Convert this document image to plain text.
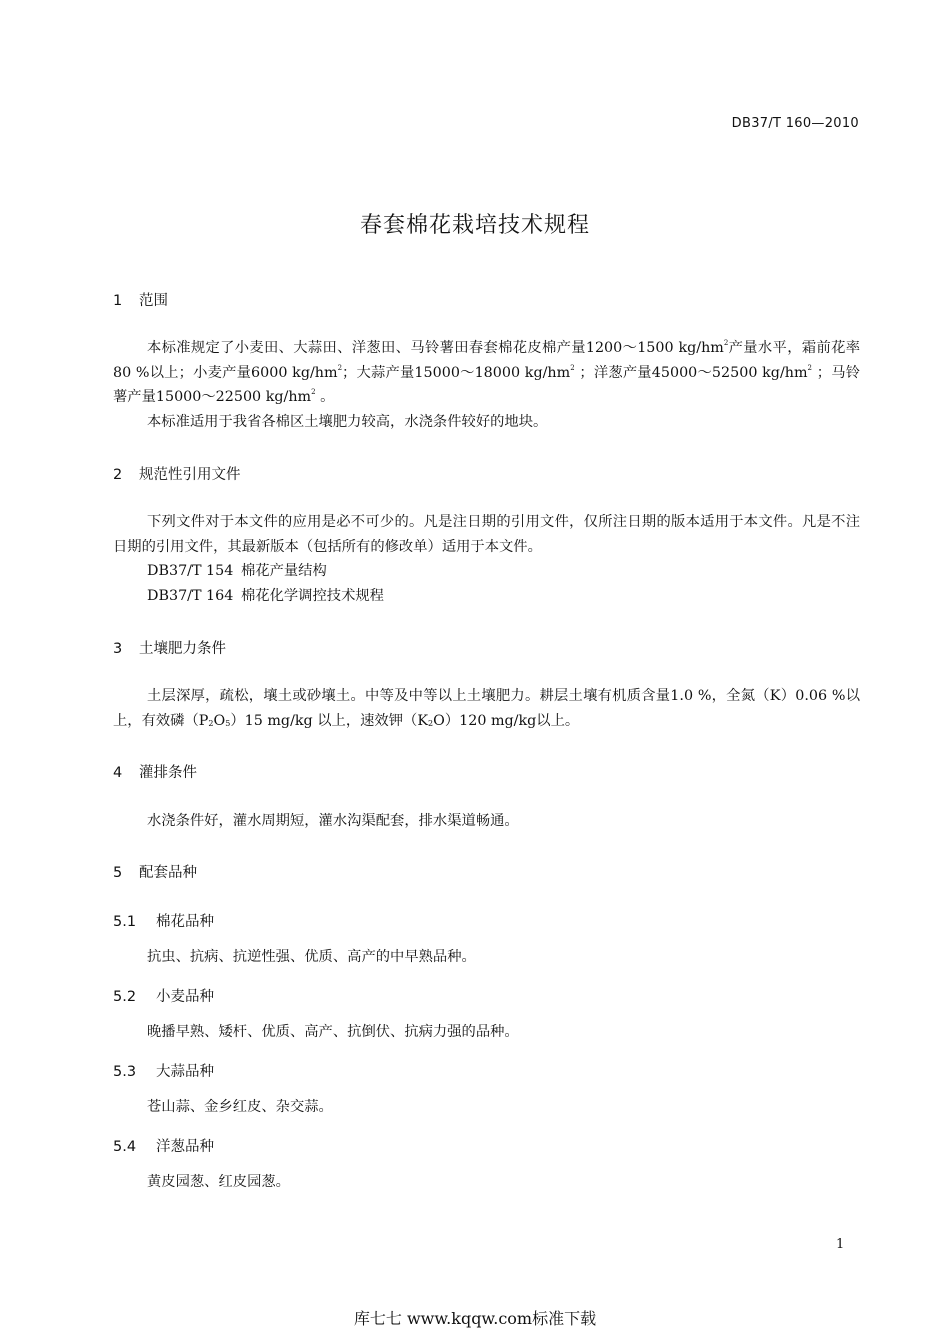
DB37/T 160—2010
春套棉花栽培技术规程
1 范围
本标准规定了小麦田、大蒜田、洋葱田、马铃薯田春套棉花皮棉产量1200～1500 $kg/hm^2$产量水平，霜前花率80 %以上；小麦产量6000 $kg/hm^2$；大蒜产量15000～18000 $kg/hm^2$ ；洋葱产量45000～52500 $kg/hm^2$ ；马铃薯产量15000～22500 $kg/hm^2$ 。
本标准适用于我省各棉区土壤肥力较高，水浇条件较好的地块。
2 规范性引用文件
下列文件对于本文件的应用是必不可少的。凡是注日期的引用文件，仅所注日期的版本适用于本文件。凡是不注日期的引用文件，其最新版本（包括所有的修改单）适用于本文件。
DB37/T 154 棉花产量结构
DB37/T 164 棉花化学调控技术规程
3 土壤肥力条件
土层深厚，疏松，壤土或砂壤土。中等及中等以上土壤肥力。耕层土壤有机质含量1.0 %，全氮（K）0.06 %以上，有效磷$(P_2O_5)15$ mg/kg 以上，速效钾$(K_2O)120$ mg/kg以上。
4 灌排条件
水浇条件好，灌水周期短，灌水沟渠配套，排水渠道畅通。
5 配套品种
5.1 棉花品种
抗虫、抗病、抗逆性强、优质、高产的中早熟品种。
5.2 小麦品种
晚播早熟、矮杆、优质、高产、抗倒伏、抗病力强的品种。
5.3 大蒜品种
苍山蒜、金乡红皮、杂交蒜。
5.4 洋葱品种
黄皮园葱、红皮园葱。
1
库七七 www.kqqw.com标准下载
